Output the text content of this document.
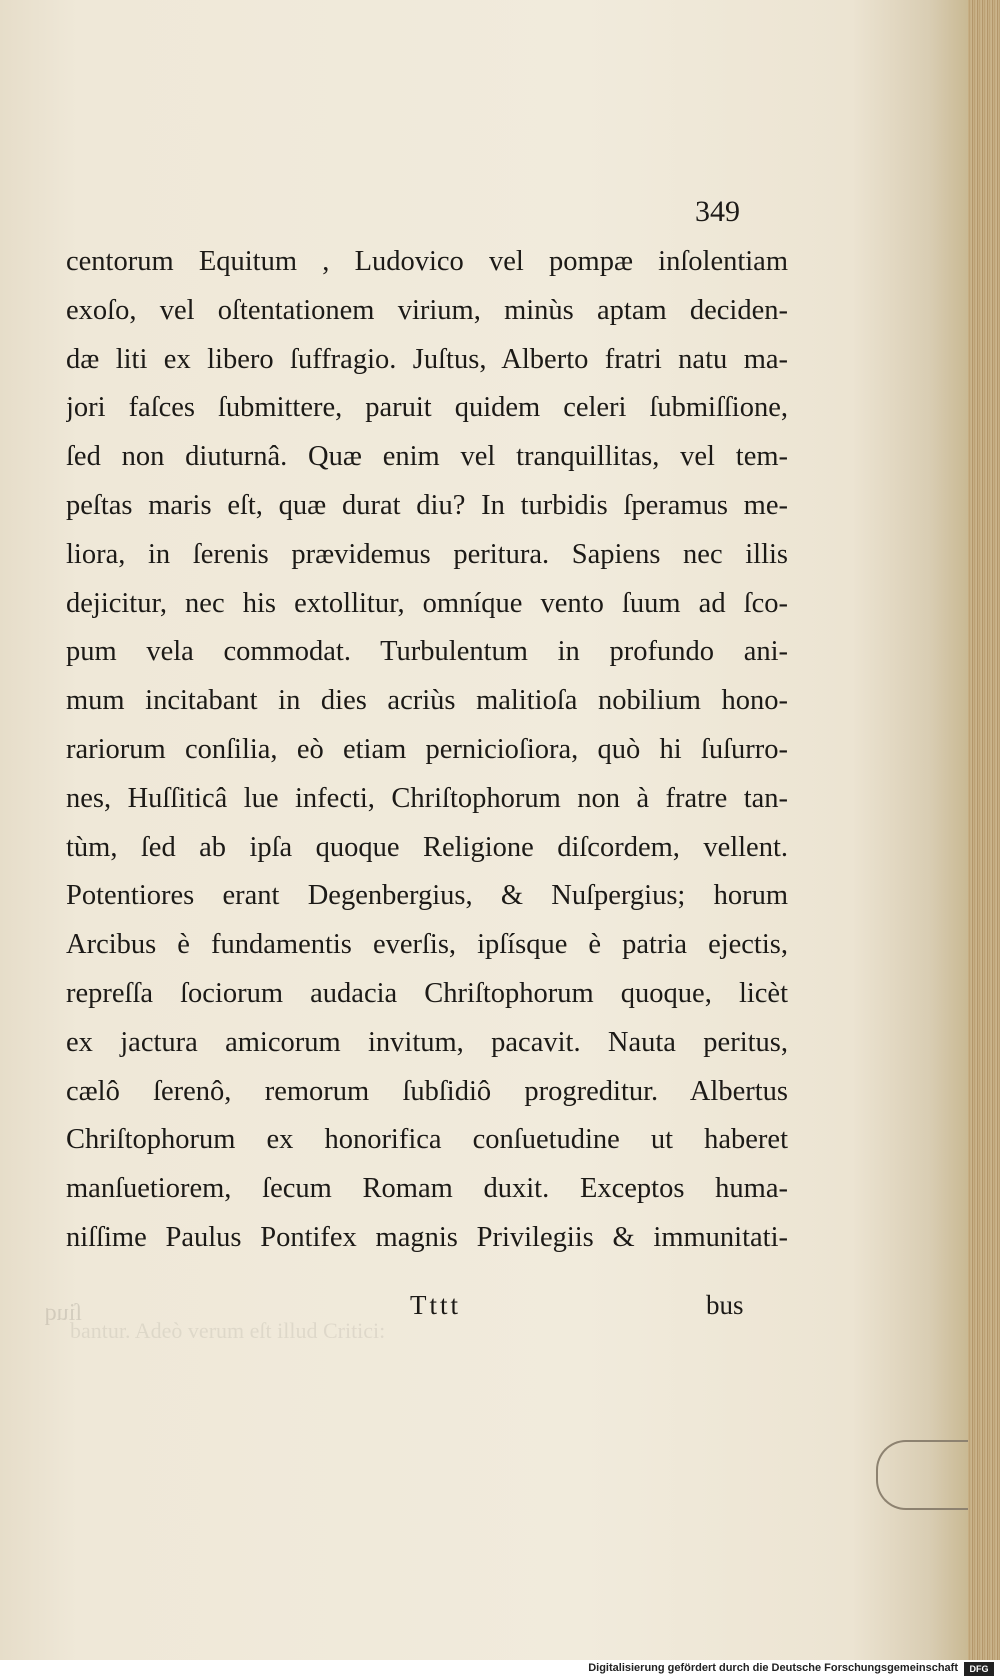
349
centorum Equitum , Ludovico vel pompæ inſolentiam
exoſo, vel oſtentationem virium, minùs aptam deciden-
dæ liti ex libero ſuffragio. Juſtus, Alberto fratri natu ma-
jori faſces ſubmittere, paruit quidem celeri ſubmiſſione,
ſed non diuturnâ. Quæ enim vel tranquillitas, vel tem-
peſtas maris eſt, quæ durat diu? In turbidis ſperamus me-
liora, in ſerenis prævidemus peritura. Sapiens nec illis
dejicitur, nec his extollitur, omníque vento ſuum ad ſco-
pum vela commodat. Turbulentum in profundo ani-
mum incitabant in dies acriùs malitioſa nobilium hono-
rariorum conſilia, eò etiam pernicioſiora, quò hi ſuſurro-
nes, Huſſiticâ lue infecti, Chriſtophorum non à fratre tan-
tùm, ſed ab ipſa quoque Religione diſcordem, vellent.
Potentiores erant Degenbergius, & Nuſpergius; horum
Arcibus è fundamentis everſis, ipſísque è patria ejectis,
repreſſa ſociorum audacia Chriſtophorum quoque, licèt
ex jactura amicorum invitum, pacavit. Nauta peritus,
cælô ſerenô, remorum ſubſidiô progreditur. Albertus
Chriſtophorum ex honorifica conſuetudine ut haberet
manſuetiorem, ſecum Romam duxit. Exceptos huma-
niſſime Paulus Pontifex magnis Privilegiis & immunitati-
ſiuq
bantur. Adeò verum eſt illud Critici:
Tttt	bus
Digitalisierung gefördert durch die Deutsche Forschungsgemeinschaft	DFG
